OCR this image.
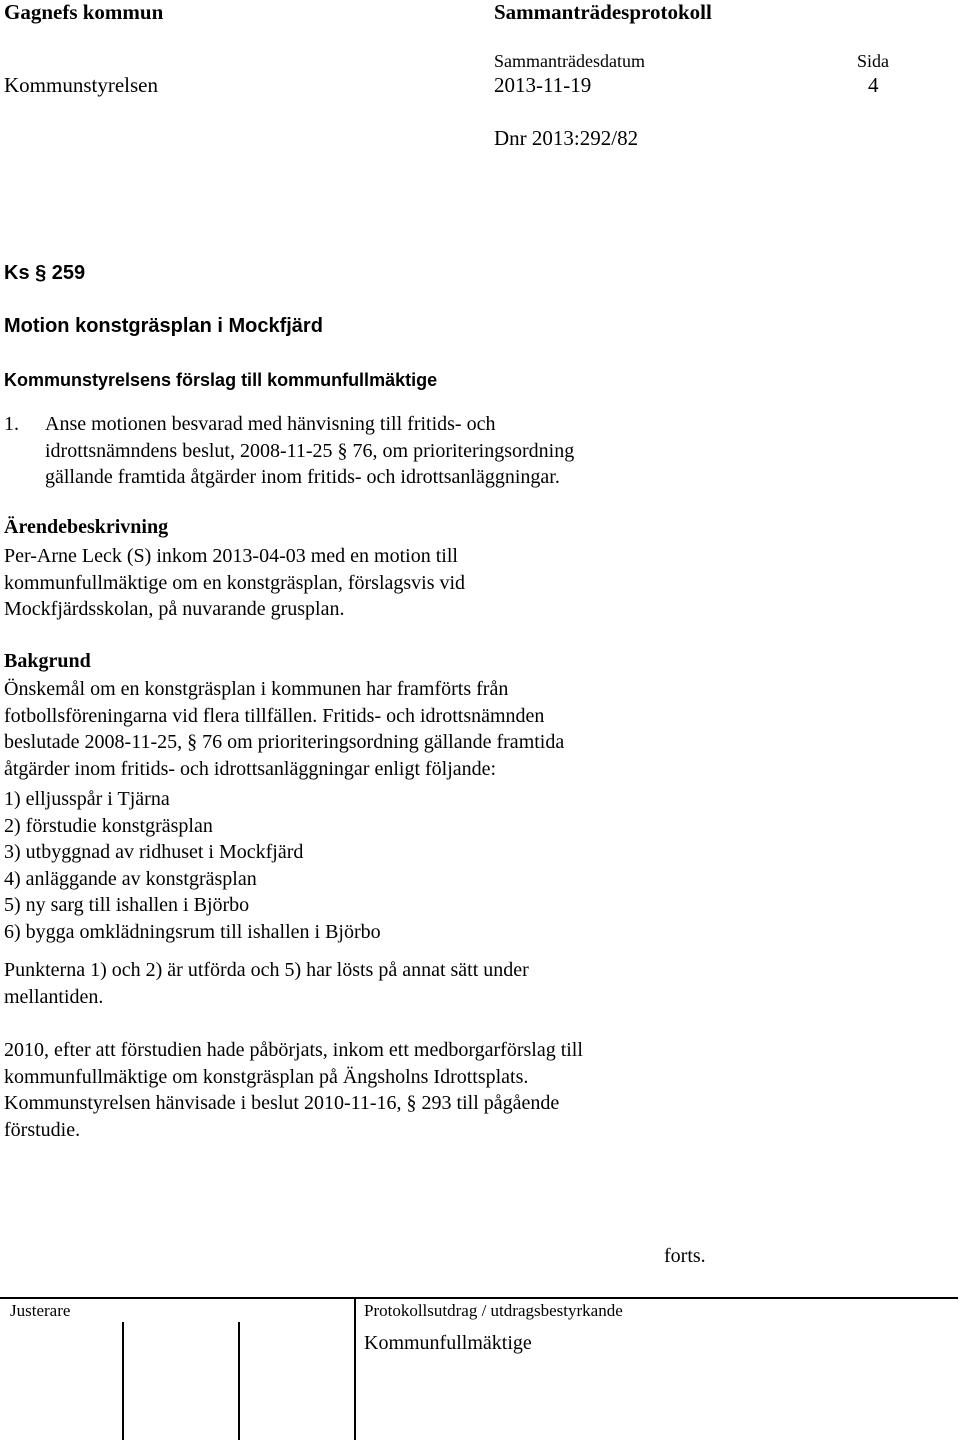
Gagnefs kommun	Sammanträdesprotokoll
Sammanträdesdatum	Sida
Kommunstyrelsen	2013-11-19	4
Dnr 2013:292/82
Ks § 259
Motion konstgräsplan i Mockfjärd
Kommunstyrelsens förslag till kommunfullmäktige
1. Anse motionen besvarad med hänvisning till fritids- och
idrottsnämndens beslut, 2008-11-25 § 76, om prioriteringsordning
gällande framtida åtgärder inom fritids- och idrottsanläggningar.
Ärendebeskrivning
Per-Arne Leck (S) inkom 2013-04-03 med en motion till
kommunfullmäktige om en konstgräsplan, förslagsvis vid
Mockfjärdsskolan, på nuvarande grusplan.
Bakgrund
Önskemål om en konstgräsplan i kommunen har framförts från
fotbollsföreningarna vid flera tillfällen. Fritids- och idrottsnämnden
beslutade 2008-11-25, § 76 om prioriteringsordning gällande framtida
åtgärder inom fritids- och idrottsanläggningar enligt följande:
1) elljusspår i Tjärna
2) förstudie konstgräsplan
3) utbyggnad av ridhuset i Mockfjärd
4) anläggande av konstgräsplan
5) ny sarg till ishallen i Björbo
6) bygga omklädningsrum till ishallen i Björbo
Punkterna 1) och 2) är utförda och 5) har lösts på annat sätt under
mellantiden.
2010, efter att förstudien hade påbörjats, inkom ett medborgarförslag till
kommunfullmäktige om konstgräsplan på Ängsholns Idrottsplats.
Kommunstyrelsen hänvisade i beslut 2010-11-16, § 293 till pågående
förstudie.
forts.
Justerare	Protokollsutdrag / utdragsbestyrkande
Kommunfullmäktige
